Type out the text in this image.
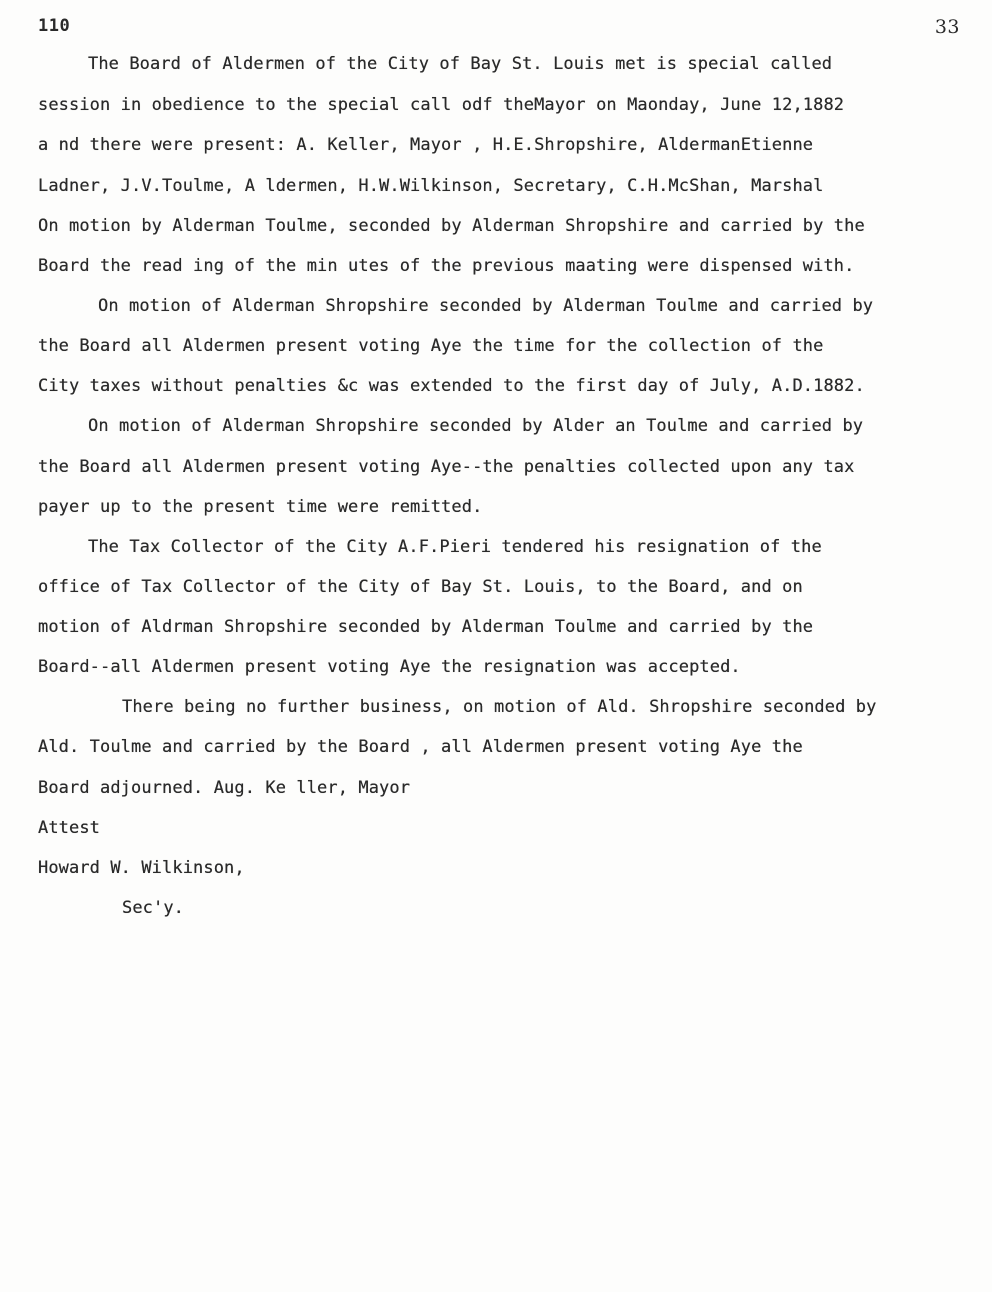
110	33
The Board of Aldermen of the City of Bay St. Louis met is special called
session in obedience to the special call odf theMayor on Maonday, June 12,1882
a nd there were present: A. Keller, Mayor , H.E.Shropshire, AldermanEtienne
Ladner, J.V.Toulme, A ldermen, H.W.Wilkinson, Secretary, C.H.McShan, Marshal
On motion by Alderman Toulme, seconded by Alderman Shropshire and carried by the
Board the read ing of the min utes of the previous maating were dispensed with.
On motion of Alderman Shropshire seconded by Alderman Toulme and carried by
the Board all Aldermen present voting Aye the time for the collection of the
City taxes without penalties &c was extended to the first day of July, A.D.1882.
On motion of Alderman Shropshire seconded by Alder an Toulme and carried by
the Board all Aldermen present voting Aye--the penalties collected upon any tax
payer up to the present time were remitted.
The Tax Collector of the City A.F.Pieri tendered his resignation of the
office of Tax Collector of the City of Bay St. Louis, to the Board, and on
motion of Aldrman Shropshire seconded by Alderman Toulme and carried by the
Board--all Aldermen present voting Aye the resignation was accepted.
There being no further business, on motion of Ald. Shropshire seconded by
Ald. Toulme and carried by the Board , all Aldermen present voting Aye the
Board adjourned. Aug. Ke ller, Mayor
Attest
Howard W. Wilkinson,
Sec'y.
